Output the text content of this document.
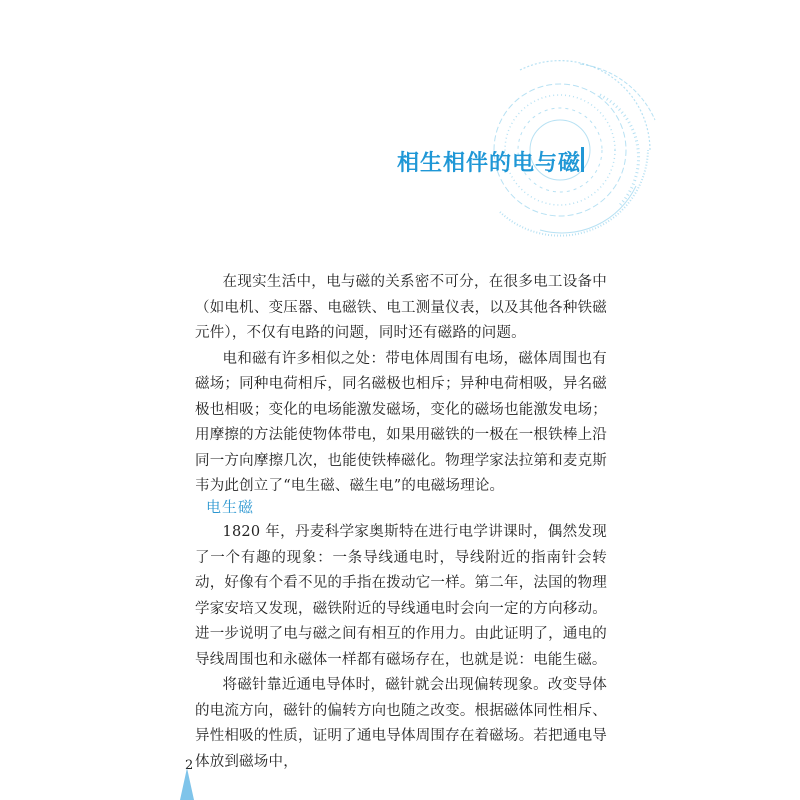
相生相伴的电与磁

在现实生活中，电与磁的关系密不可分，在很多电工设备中（如电机、变压器、电磁铁、电工测量仪表，以及其他各种铁磁元件），不仅有电路的问题，同时还有磁路的问题。

电和磁有许多相似之处：带电体周围有电场，磁体周围也有磁场；同种电荷相斥，同名磁极也相斥；异种电荷相吸，异名磁极也相吸；变化的电场能激发磁场，变化的磁场也能激发电场；用摩擦的方法能使物体带电，如果用磁铁的一极在一根铁棒上沿同一方向摩擦几次，也能使铁棒磁化。物理学家法拉第和麦克斯韦为此创立了“电生磁、磁生电”的电磁场理论。

电生磁

1820 年，丹麦科学家奥斯特在进行电学讲课时，偶然发现了一个有趣的现象：一条导线通电时，导线附近的指南针会转动，好像有个看不见的手指在拨动它一样。第二年，法国的物理学家安培又发现，磁铁附近的导线通电时会向一定的方向移动。进一步说明了电与磁之间有相互的作用力。由此证明了，通电的导线周围也和永磁体一样都有磁场存在，也就是说：电能生磁。

将磁针靠近通电导体时，磁针就会出现偏转现象。改变导体的电流方向，磁针的偏转方向也随之改变。根据磁体同性相斥、异性相吸的性质，证明了通电导体周围存在着磁场。若把通电导体放到磁场中，

2
